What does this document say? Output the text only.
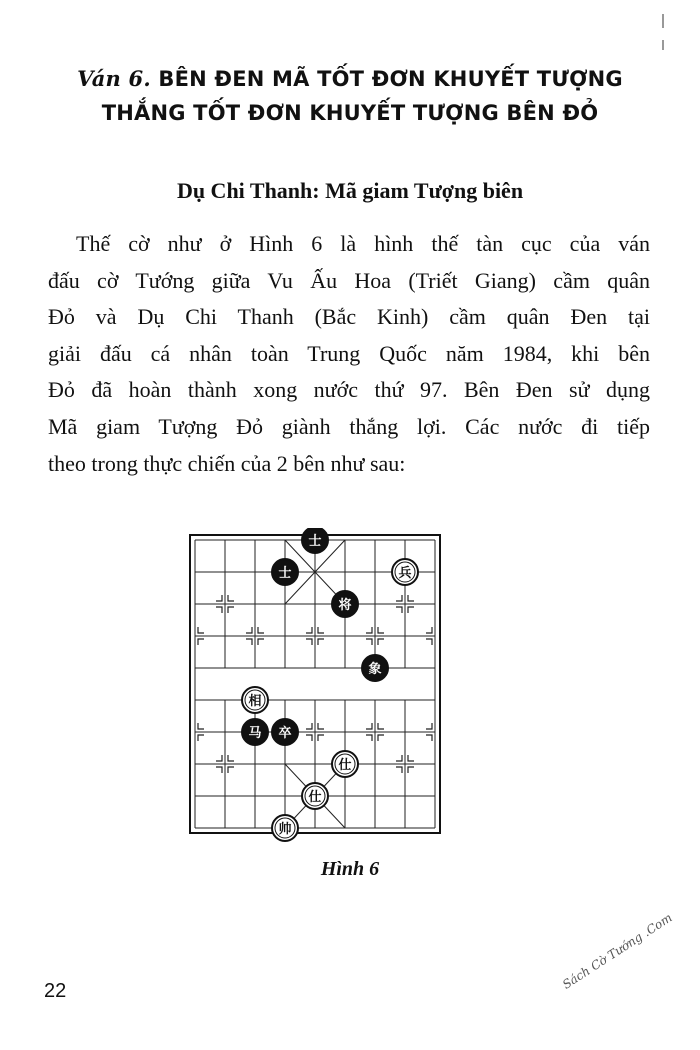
Ván 6. BÊN ĐEN MÃ TỐT ĐƠN KHUYẾT TƯỢNG
THẮNG TỐT ĐƠN KHUYẾT TƯỢNG BÊN ĐỎ
Dụ Chi Thanh: Mã giam Tượng biên
Thế cờ như ở Hình 6 là hình thế tàn cục của ván
đấu cờ Tướng giữa Vu Ấu Hoa (Triết Giang) cầm quân
Đỏ và Dụ Chi Thanh (Bắc Kinh) cầm quân Đen tại
giải đấu cá nhân toàn Trung Quốc năm 1984, khi bên
Đỏ đã hoàn thành xong nước thứ 97. Bên Đen sử dụng
Mã giam Tượng Đỏ giành thắng lợi. Các nước đi tiếp
theo trong thực chiến của 2 bên như sau:
士
兵
士
将
象
相
马 卒
仕
仕
帅
Hình 6
22	Sách Cờ Tướng .Com
